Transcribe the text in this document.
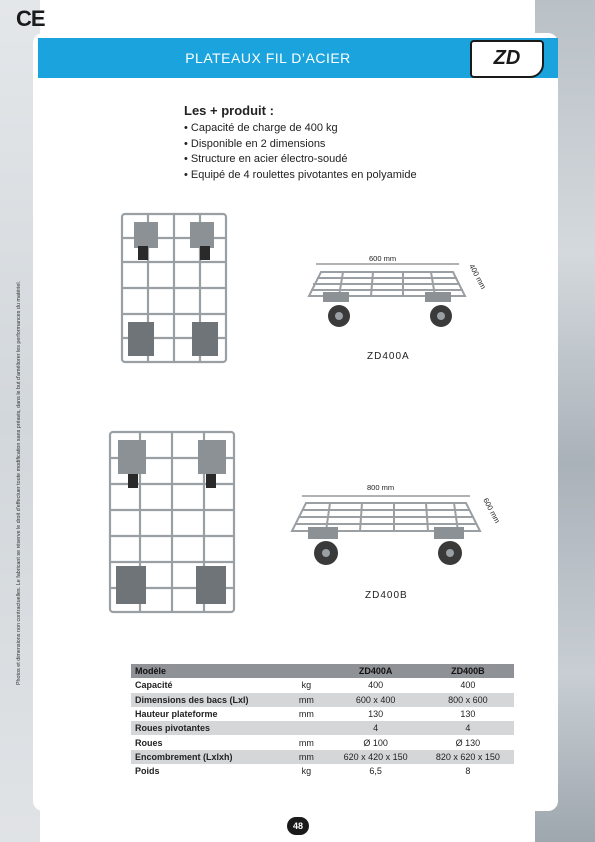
CE
PLATEAUX FIL D’ACIER	ZD
Les + produit :
• Capacité de charge de 400 kg
• Disponible en 2 dimensions
• Structure en acier électro-soudé
• Equipé de 4 roulettes pivotantes en polyamide
Photos et dimensions non contractuelles. Le fabricant se réserve le droit d'effectuer toute modification sans préavis, dans le but d'améliorer les performances du matériel.
600 mm
400 mm
ZD400A
800 mm
600 mm
ZD400B
Modèle		ZD400A	ZD400B
Capacité	kg	400	400
Dimensions des bacs (Lxl)	mm	600 x 400	800 x 600
Hauteur plateforme	mm	130	130
Roues pivotantes		4	4
Roues	mm	Ø 100	Ø 130
Encombrement (Lxlxh)	mm	620 x 420 x 150	820 x 620 x 150
Poids	kg	6,5	8
48
